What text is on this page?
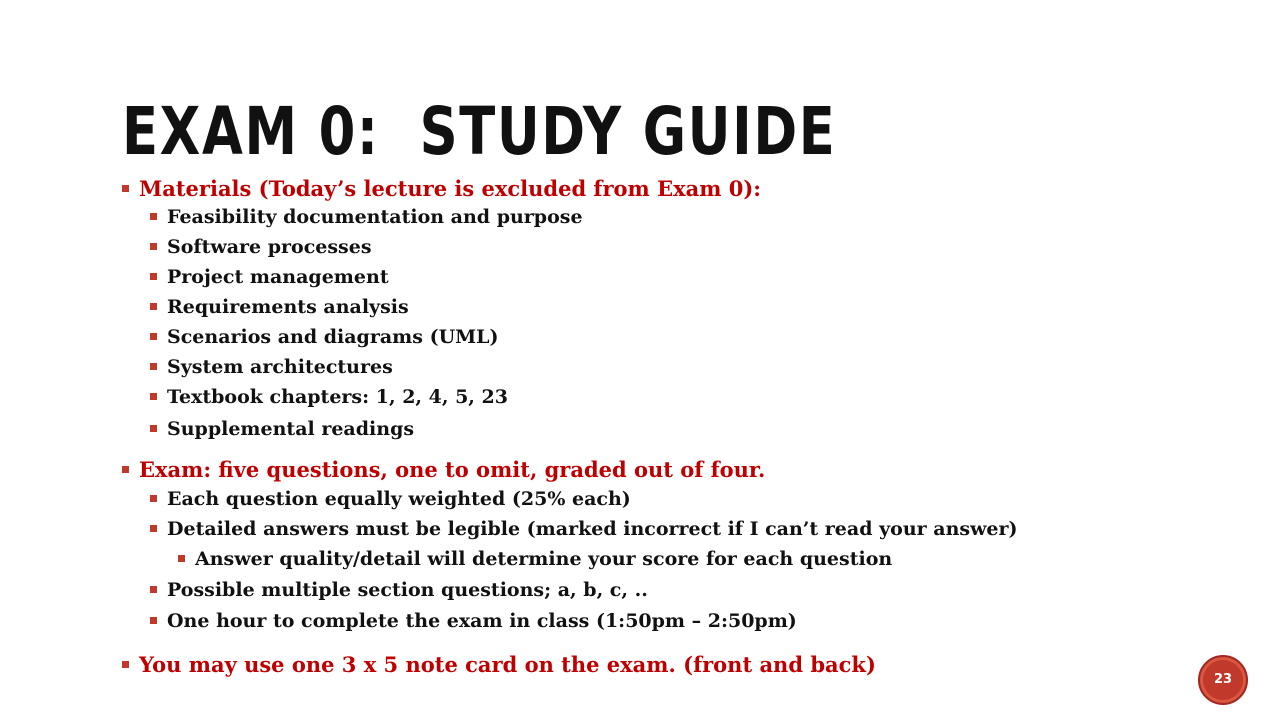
EXAM 0:  STUDY GUIDE
Materials (Today’s lecture is excluded from Exam 0):
Feasibility documentation and purpose
Software processes
Project management
Requirements analysis
Scenarios and diagrams (UML)
System architectures
Textbook chapters: 1, 2, 4, 5, 23
Supplemental readings
Exam: five questions, one to omit, graded out of four.
Each question equally weighted (25% each)
Detailed answers must be legible (marked incorrect if I can’t read your answer)
Answer quality/detail will determine your score for each question
Possible multiple section questions; a, b, c, ..
One hour to complete the exam in class (1:50pm – 2:50pm)
You may use one 3 x 5 note card on the exam. (front and back)
23
